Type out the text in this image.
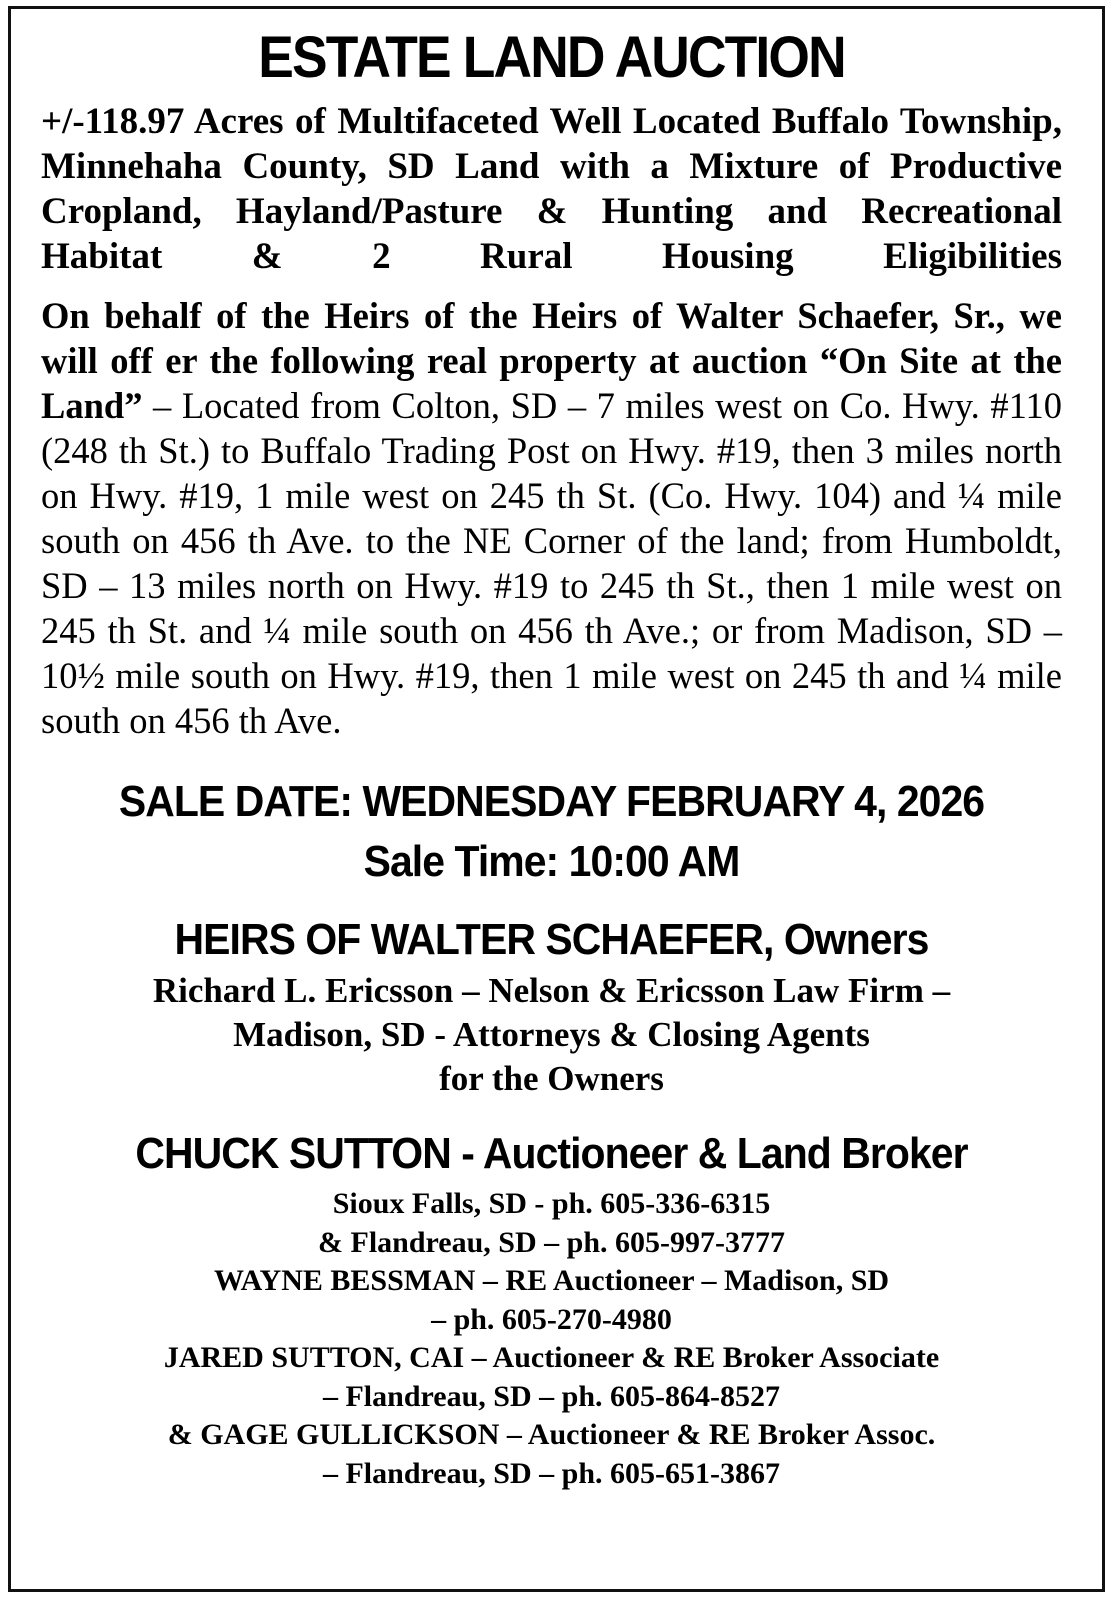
ESTATE LAND AUCTION
+/-118.97 Acres of Multifaceted Well Located Buffalo Township, Minnehaha County, SD Land with a Mixture of Productive Cropland, Hayland/Pasture & Hunting and Recreational Habitat & 2 Rural Housing Eligibilities
On behalf of the Heirs of the Heirs of Walter Schaefer, Sr., we will off er the following real property at auction “On Site at the Land” – Located from Colton, SD – 7 miles west on Co. Hwy. #110 (248 th St.) to Buffalo Trading Post on Hwy. #19, then 3 miles north on Hwy. #19, 1 mile west on 245 th St. (Co. Hwy. 104) and ¼ mile south on 456 th Ave. to the NE Corner of the land; from Humboldt, SD – 13 miles north on Hwy. #19 to 245 th St., then 1 mile west on 245 th St. and ¼ mile south on 456 th Ave.; or from Madison, SD – 10½ mile south on Hwy. #19, then 1 mile west on 245 th and ¼ mile south on 456 th Ave.
SALE DATE: WEDNESDAY FEBRUARY 4, 2026
Sale Time: 10:00 AM
HEIRS OF WALTER SCHAEFER, Owners
Richard L. Ericsson – Nelson & Ericsson Law Firm –
Madison, SD - Attorneys & Closing Agents
for the Owners
CHUCK SUTTON - Auctioneer & Land Broker
Sioux Falls, SD - ph. 605-336-6315
& Flandreau, SD – ph. 605-997-3777
WAYNE BESSMAN – RE Auctioneer – Madison, SD
– ph. 605-270-4980
JARED SUTTON, CAI – Auctioneer & RE Broker Associate
– Flandreau, SD – ph. 605-864-8527
& GAGE GULLICKSON – Auctioneer & RE Broker Assoc.
– Flandreau, SD – ph. 605-651-3867
